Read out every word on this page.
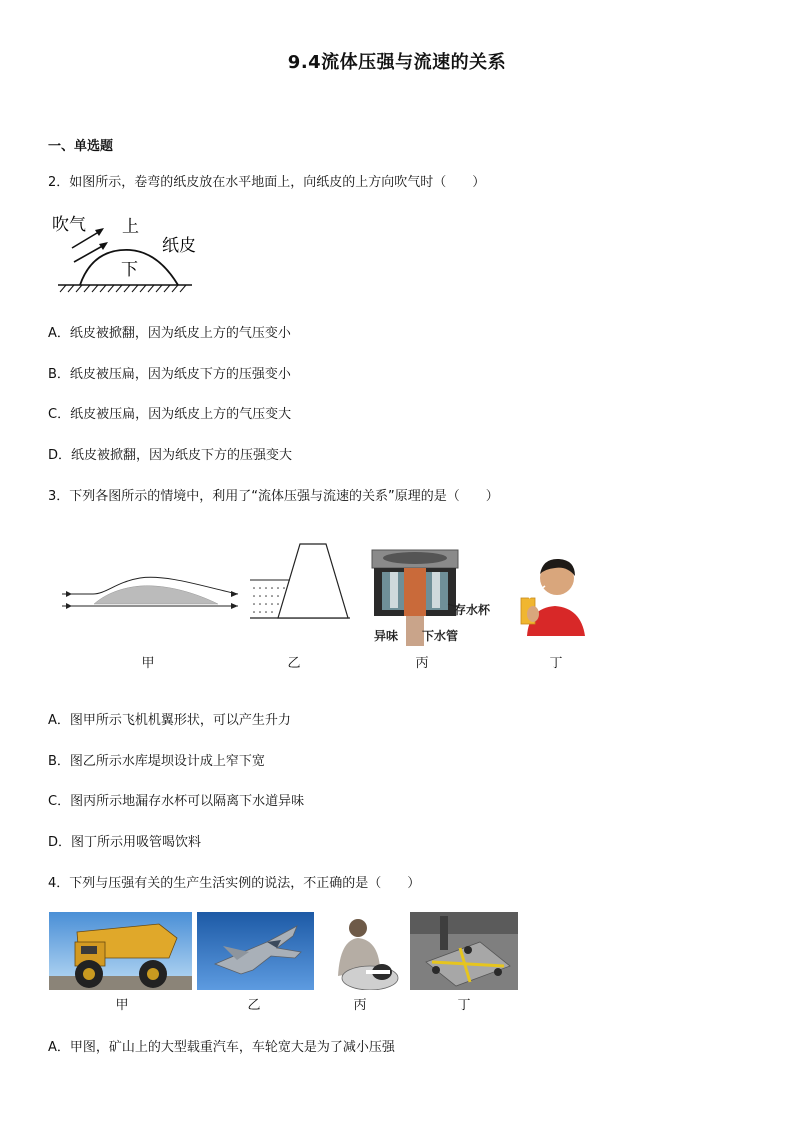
9.4流体压强与流速的关系
一、单选题
2．如图所示，卷弯的纸皮放在水平地面上，向纸皮的上方向吹气时（　　）
吹气 上
纸皮
下
A．纸皮被掀翻，因为纸皮上方的气压变小
B．纸皮被压扁，因为纸皮下方的压强变小
C．纸皮被压扁，因为纸皮上方的气压变大
D．纸皮被掀翻，因为纸皮下方的压强变大
3．下列各图所示的情境中，利用了“流体压强与流速的关系”原理的是（　　）
甲	乙
存水杯
异味 下水管
丙	丁
A．图甲所示飞机机翼形状，可以产生升力
B．图乙所示水库堤坝设计成上窄下宽
C．图丙所示地漏存水杯可以隔离下水道异味
D．图丁所示用吸管喝饮料
4．下列与压强有关的生产生活实例的说法，不正确的是（　　）
甲	乙	丙	丁
A．甲图，矿山上的大型载重汽车，车轮宽大是为了减小压强
